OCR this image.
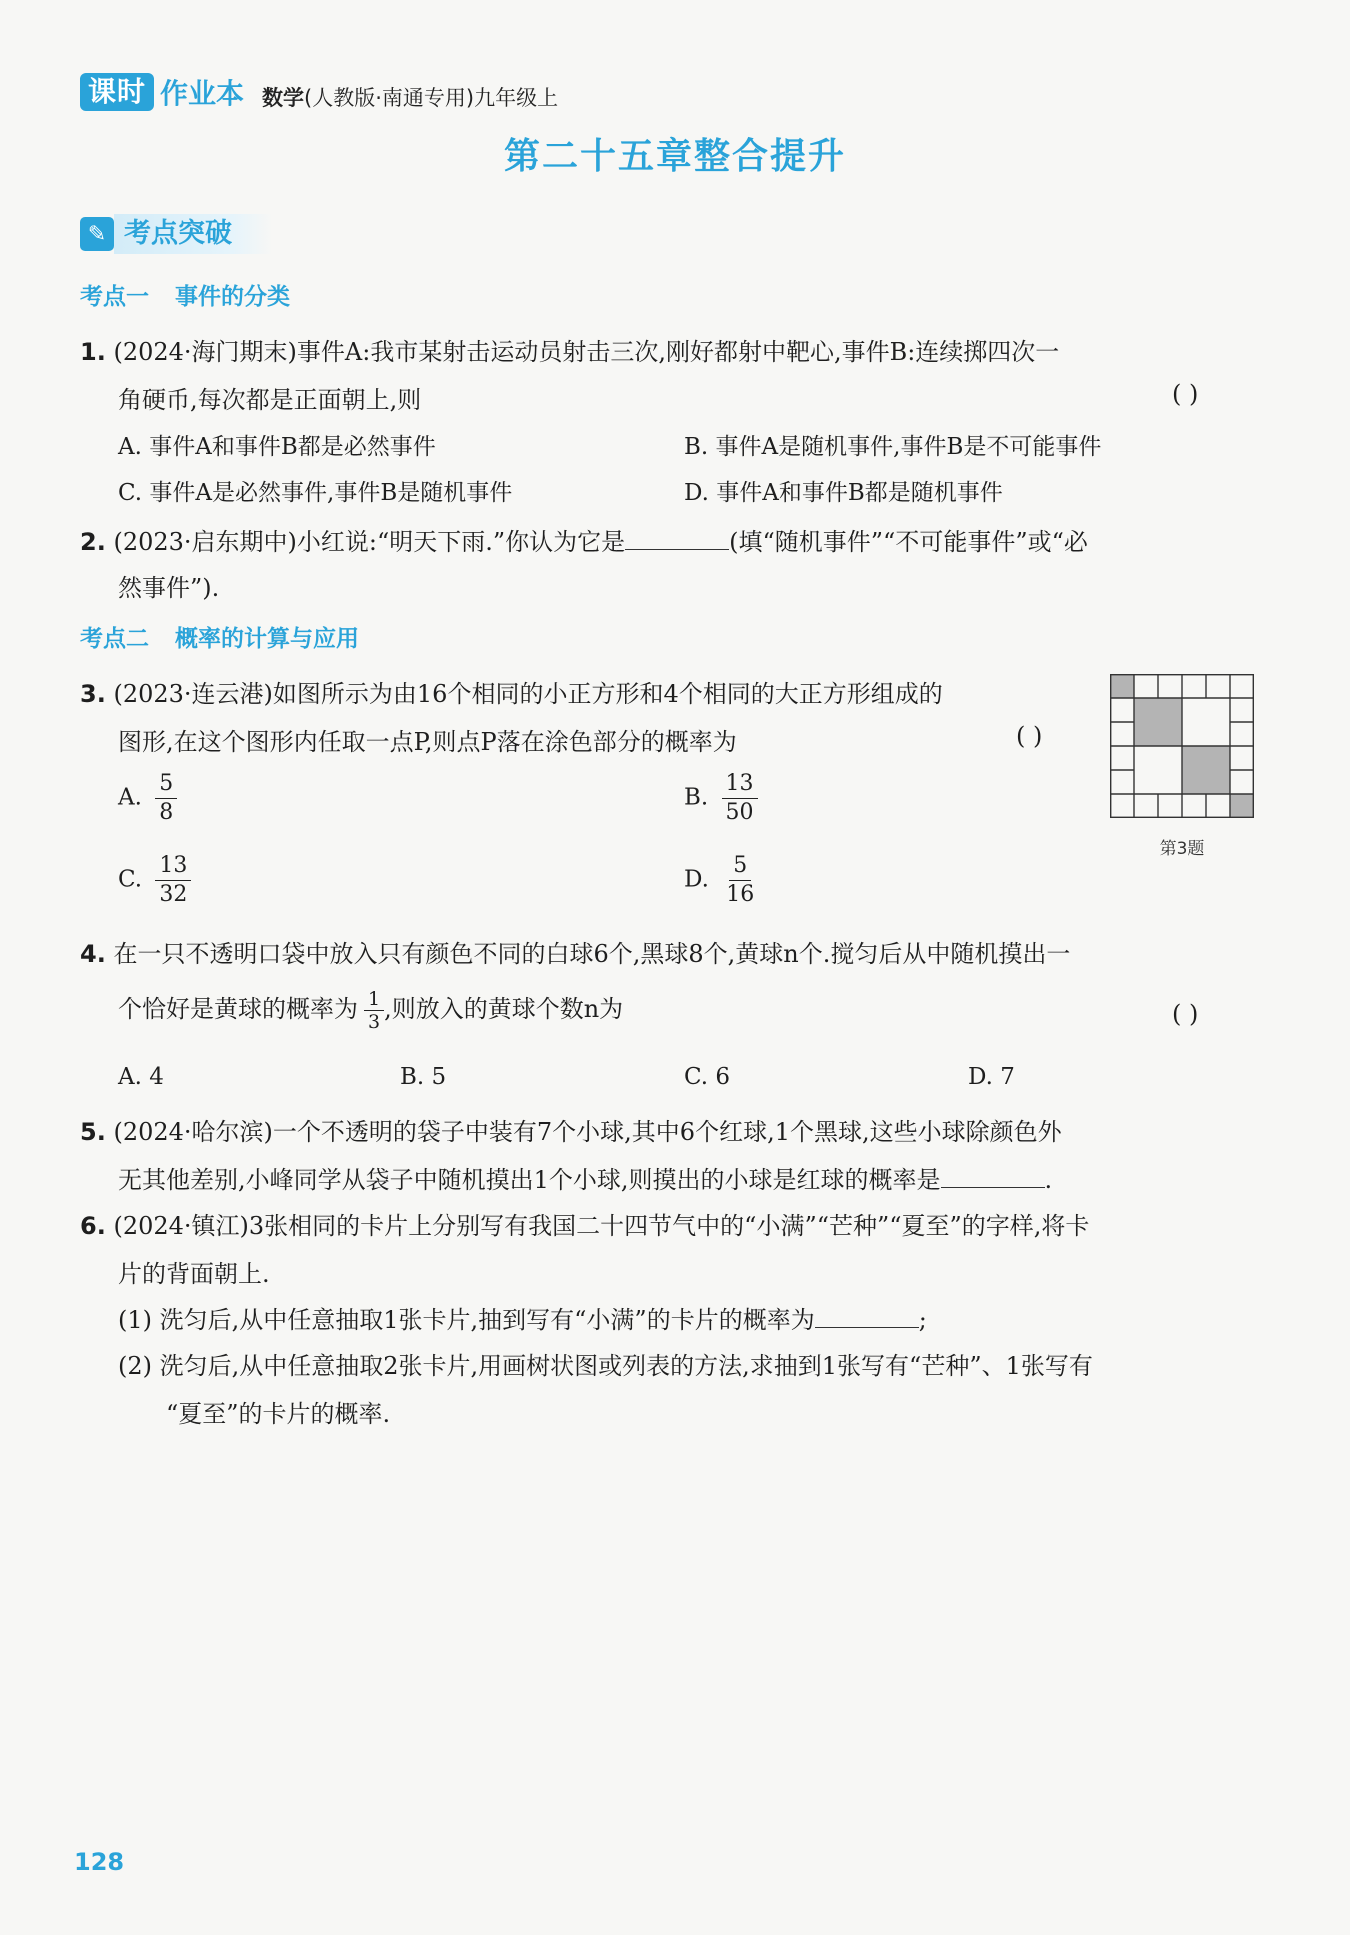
课时 作业本 数学(人教版·南通专用)九年级上
第二十五章整合提升
✎ 考点突破
考点一 事件的分类
1. (2024·海门期末)事件A:我市某射击运动员射击三次,刚好都射中靶心,事件B:连续掷四次一
角硬币,每次都是正面朝上,则	( )
A. 事件A和事件B都是必然事件	B. 事件A是随机事件,事件B是不可能事件
C. 事件A是必然事件,事件B是随机事件	D. 事件A和事件B都是随机事件
2. (2023·启东期中)小红说:“明天下雨.”你认为它是	(填“随机事件”“不可能事件”或“必
然事件”).
考点二 概率的计算与应用
3. (2023·连云港)如图所示为由16个相同的小正方形和4个相同的大正方形组成的
图形,在这个图形内任取一点P,则点P落在涂色部分的概率为	( )
A. $\frac{5}{8}$	B. $\frac{13}{50}$
C. $\frac{13}{32}$	D. $\frac{5}{16}$
第3题
4. 在一只不透明口袋中放入只有颜色不同的白球6个,黑球8个,黄球n个.搅匀后从中随机摸出一
个恰好是黄球的概率为 $\frac{1}{3}$ ,则放入的黄球个数n为	( )
A. 4	B. 5	C. 6	D. 7
5. (2024·哈尔滨)一个不透明的袋子中装有7个小球,其中6个红球,1个黑球,这些小球除颜色外
无其他差别,小峰同学从袋子中随机摸出1个小球,则摸出的小球是红球的概率是	.
6. (2024·镇江)3张相同的卡片上分别写有我国二十四节气中的“小满”“芒种”“夏至”的字样,将卡
片的背面朝上.
(1) 洗匀后,从中任意抽取1张卡片,抽到写有“小满”的卡片的概率为	;
(2) 洗匀后,从中任意抽取2张卡片,用画树状图或列表的方法,求抽到1张写有“芒种”、1张写有
“夏至”的卡片的概率.
128
